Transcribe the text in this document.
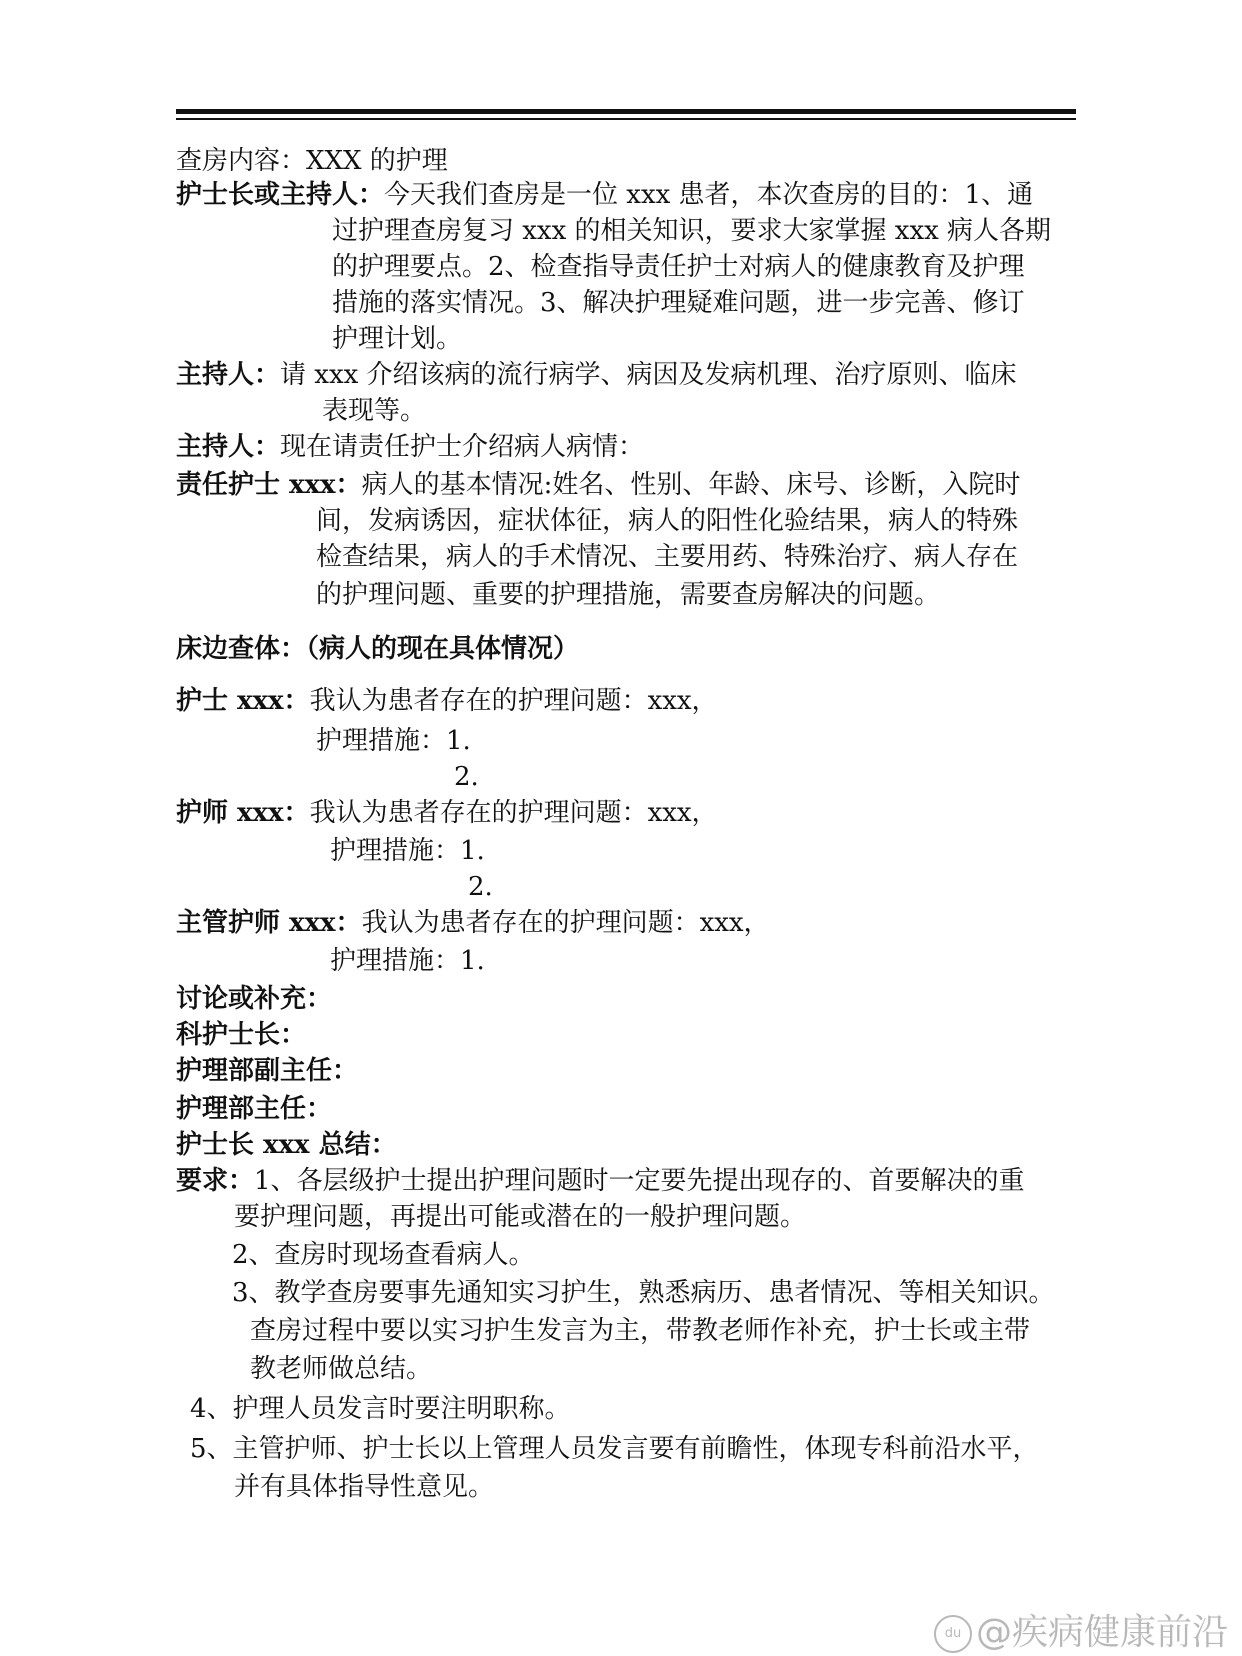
查房内容：XXX 的护理
护士长或主持人：今天我们查房是一位 xxx 患者，本次查房的目的：1、通
过护理查房复习 xxx 的相关知识，要求大家掌握 xxx 病人各期
的护理要点。2、检查指导责任护士对病人的健康教育及护理
措施的落实情况。3、解决护理疑难问题，进一步完善、修订
护理计划。
主持人：请 xxx 介绍该病的流行病学、病因及发病机理、治疗原则、临床
表现等。
主持人：现在请责任护士介绍病人病情：
责任护士 xxx：病人的基本情况:姓名、性别、年龄、床号、诊断，入院时
间，发病诱因，症状体征，病人的阳性化验结果，病人的特殊
检查结果，病人的手术情况、主要用药、特殊治疗、病人存在
的护理问题、重要的护理措施，需要查房解决的问题。
床边查体：（病人的现在具体情况）
护士 xxx：我认为患者存在的护理问题：xxx，
护理措施：1.
2.
护师 xxx：我认为患者存在的护理问题：xxx，
护理措施：1.
2.
主管护师 xxx：我认为患者存在的护理问题：xxx，
护理措施：1.
讨论或补充：
科护士长：
护理部副主任：
护理部主任：
护士长 xxx 总结：
要求：1、各层级护士提出护理问题时一定要先提出现存的、首要解决的重
要护理问题，再提出可能或潜在的一般护理问题。
2、查房时现场查看病人。
3、教学查房要事先通知实习护生，熟悉病历、患者情况、等相关知识。
查房过程中要以实习护生发言为主，带教老师作补充，护士长或主带
教老师做总结。
4、护理人员发言时要注明职称。
5、主管护师、护士长以上管理人员发言要有前瞻性，体现专科前沿水平，
并有具体指导性意见。
du @疾病健康前沿
